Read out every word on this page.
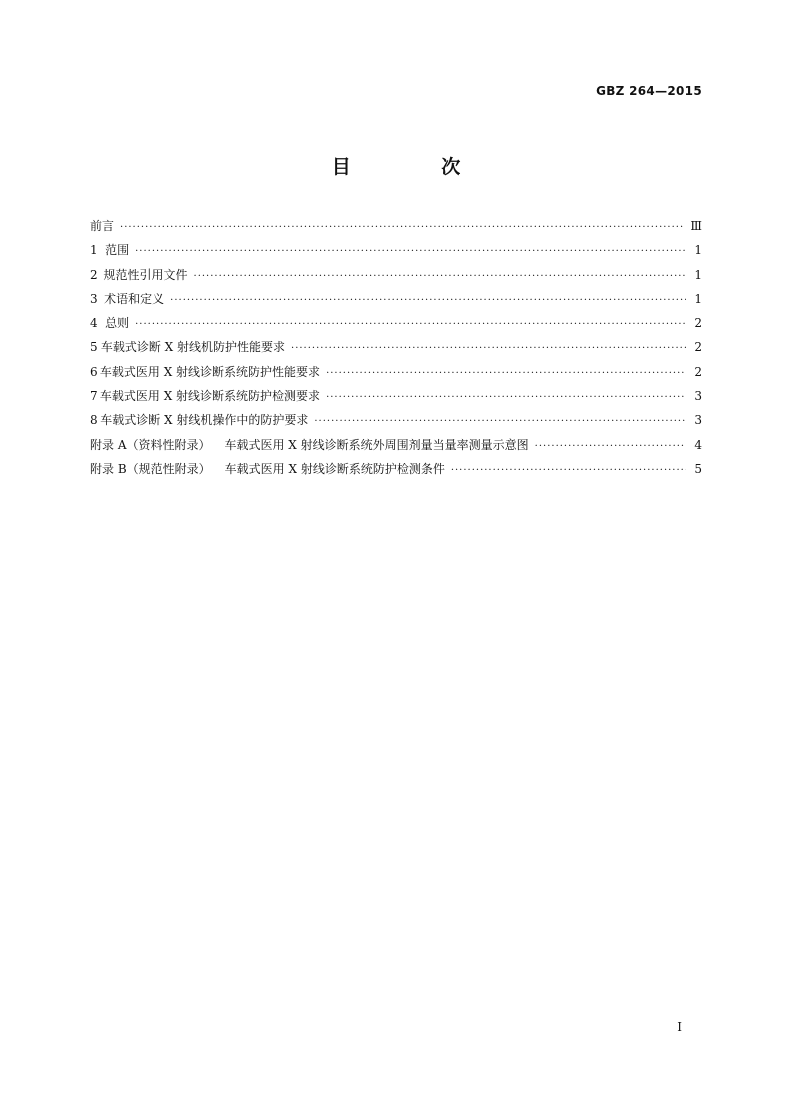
GBZ 264—2015
目 次
前言 ·····	Ⅲ
1 范围 ·····	1
2 规范性引用文件 ·····	1
3 术语和定义 ·····	1
4 总则 ·····	2
5 车载式诊断 X 射线机防护性能要求 ·····	2
6 车载式医用 X 射线诊断系统防护性能要求 ·····	2
7 车载式医用 X 射线诊断系统防护检测要求 ·····	3
8 车载式诊断 X 射线机操作中的防护要求 ·····	3
附录 A（资料性附录） 车载式医用 X 射线诊断系统外周围剂量当量率测量示意图 ·····	4
附录 B（规范性附录） 车载式医用 X 射线诊断系统防护检测条件 ·····	5
I
